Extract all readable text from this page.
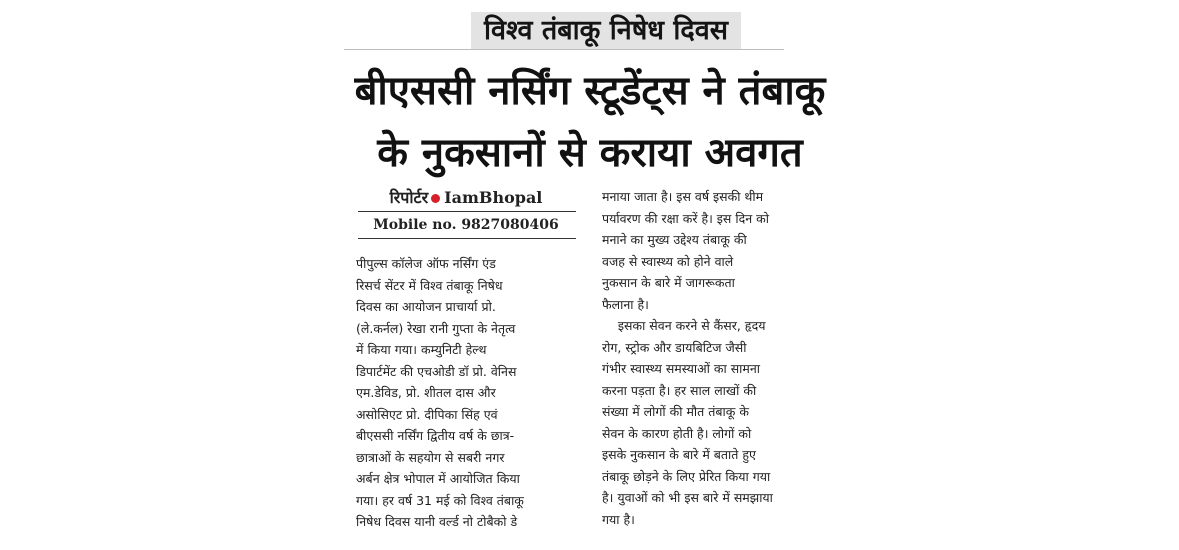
विश्व तंबाकू निषेध दिवस
बीएससी नर्सिंग स्टूडेंट्स ने तंबाकू
के नुकसानों से कराया अवगत
रिपोर्टर IamBhopal
Mobile no. 9827080406
पीपुल्स कॉलेज ऑफ नर्सिंग एंड
रिसर्च सेंटर में विश्व तंबाकू निषेध
दिवस का आयोजन प्राचार्या प्रो.
(ले.कर्नल) रेखा रानी गुप्ता के नेतृत्व
में किया गया। कम्युनिटी हेल्थ
डिपार्टमेंट की एचओडी डॉ प्रो. वेनिस
एम.डेविड, प्रो. शीतल दास और
असोसिएट प्रो. दीपिका सिंह एवं
बीएससी नर्सिंग द्वितीय वर्ष के छात्र-
छात्राओं के सहयोग से सबरी नगर
अर्बन क्षेत्र भोपाल में आयोजित किया
गया। हर वर्ष 31 मई को विश्व तंबाकू
निषेध दिवस यानी वर्ल्ड नो टोबैको डे
मनाया जाता है। इस वर्ष इसकी थीम
पर्यावरण की रक्षा करें है। इस दिन को
मनाने का मुख्य उद्देश्य तंबाकू की
वजह से स्वास्थ्य को होने वाले
नुकसान के बारे में जागरूकता
फैलाना है।
इसका सेवन करने से कैंसर, हृदय
रोग, स्ट्रोक और डायबिटिज जैसी
गंभीर स्वास्थ्य समस्याओं का सामना
करना पड़ता है। हर साल लाखों की
संख्या में लोगों की मौत तंबाकू के
सेवन के कारण होती है। लोगों को
इसके नुकसान के बारे में बताते हुए
तंबाकू छोड़ने के लिए प्रेरित किया गया
है। युवाओं को भी इस बारे में समझाया
गया है।
